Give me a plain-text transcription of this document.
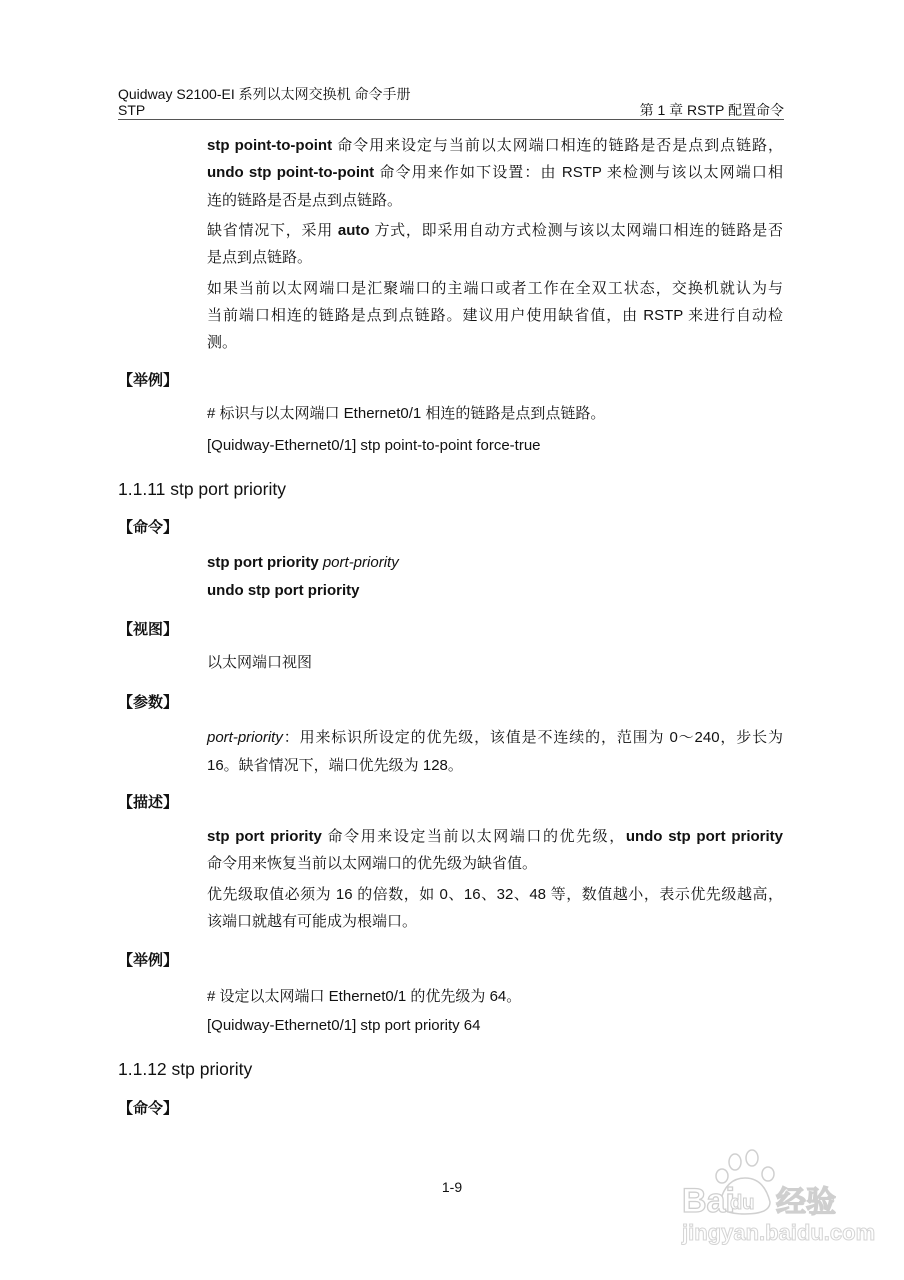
Quidway S2100-EI 系列以太网交换机 命令手册
STP	第 1 章 RSTP 配置命令
stp point-to-point 命令用来设定与当前以太网端口相连的链路是否是点到点链路，
undo stp point-to-point 命令用来作如下设置：由 RSTP 来检测与该以太网端口相
连的链路是否是点到点链路。
缺省情况下，采用 auto 方式，即采用自动方式检测与该以太网端口相连的链路是否
是点到点链路。
如果当前以太网端口是汇聚端口的主端口或者工作在全双工状态，交换机就认为与
当前端口相连的链路是点到点链路。建议用户使用缺省值，由 RSTP 来进行自动检
测。
【举例】
# 标识与以太网端口 Ethernet0/1 相连的链路是点到点链路。
[Quidway-Ethernet0/1] stp point-to-point force-true
1.1.11 stp port priority
【命令】
stp port priority port-priority
undo stp port priority
【视图】
以太网端口视图
【参数】
port-priority：用来标识所设定的优先级，该值是不连续的，范围为 0～240，步长为
16。缺省情况下，端口优先级为 128。
【描述】
stp port priority 命令用来设定当前以太网端口的优先级，undo stp port priority
命令用来恢复当前以太网端口的优先级为缺省值。
优先级取值必须为 16 的倍数，如 0、16、32、48 等，数值越小，表示优先级越高，
该端口就越有可能成为根端口。
【举例】
# 设定以太网端口 Ethernet0/1 的优先级为 64。
[Quidway-Ethernet0/1] stp port priority 64
1.1.12 stp priority
【命令】
1-9	Bai
du 经验
jingyan.baidu.com
